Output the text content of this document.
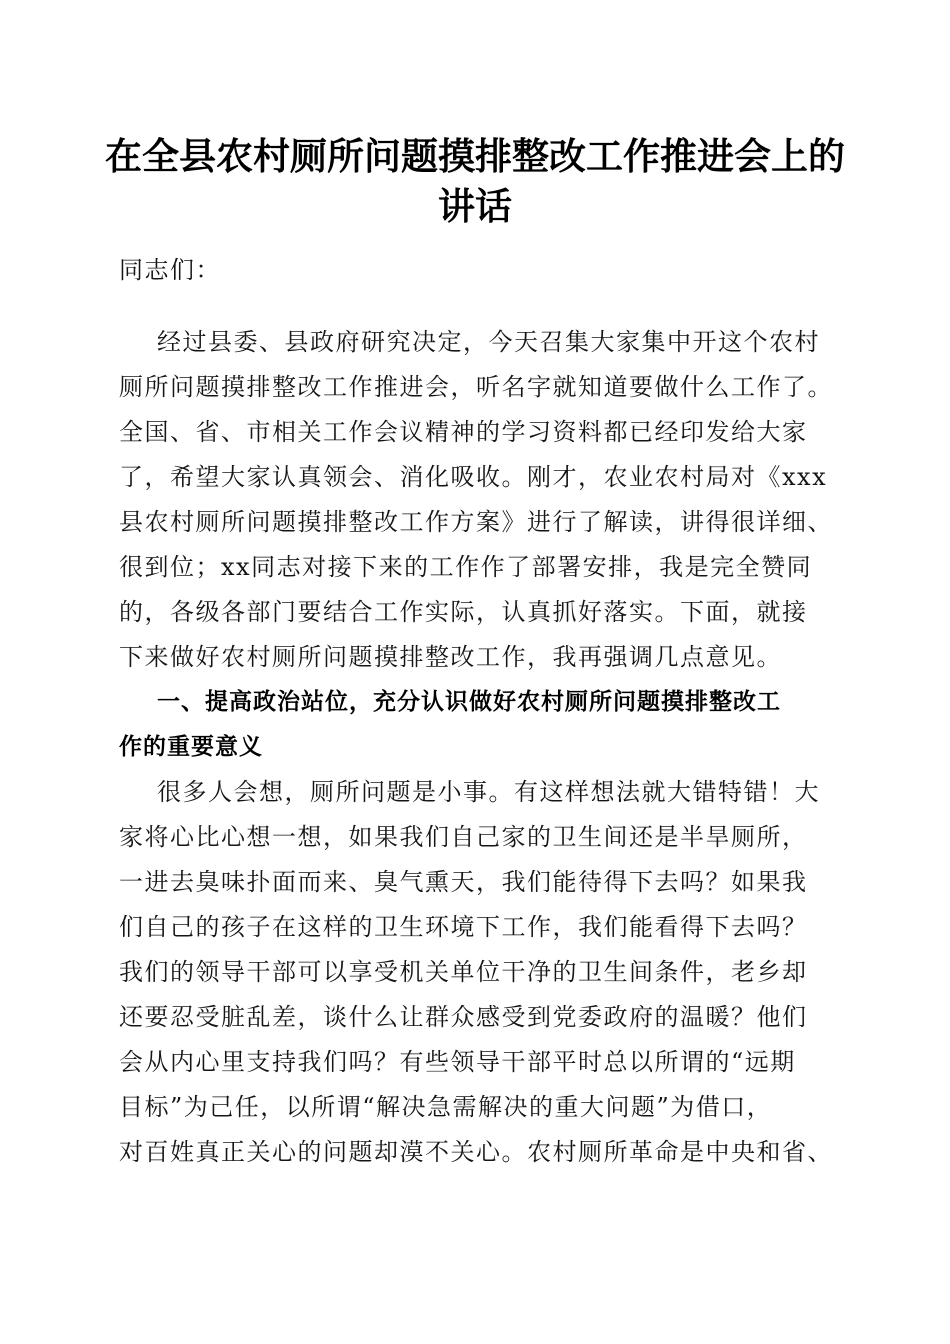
在全县农村厕所问题摸排整改工作推进会上的
讲话
同志们：
经过县委、县政府研究决定，今天召集大家集中开这个农村
厕所问题摸排整改工作推进会，听名字就知道要做什么工作了。
全国、省、市相关工作会议精神的学习资料都已经印发给大家
了，希望大家认真领会、消化吸收。刚才，农业农村局对《xxx
县农村厕所问题摸排整改工作方案》进行了解读，讲得很详细、
很到位；xx同志对接下来的工作作了部署安排，我是完全赞同
的，各级各部门要结合工作实际，认真抓好落实。下面，就接
下来做好农村厕所问题摸排整改工作，我再强调几点意见。
一、提高政治站位，充分认识做好农村厕所问题摸排整改工
作的重要意义
很多人会想，厕所问题是小事。有这样想法就大错特错！大
家将心比心想一想，如果我们自己家的卫生间还是半旱厕所，
一进去臭味扑面而来、臭气熏天，我们能待得下去吗？如果我
们自己的孩子在这样的卫生环境下工作，我们能看得下去吗？
我们的领导干部可以享受机关单位干净的卫生间条件，老乡却
还要忍受脏乱差，谈什么让群众感受到党委政府的温暖？他们
会从内心里支持我们吗？有些领导干部平时总以所谓的“远期
目标”为己任，以所谓“解决急需解决的重大问题”为借口，
对百姓真正关心的问题却漠不关心。农村厕所革命是中央和省、
